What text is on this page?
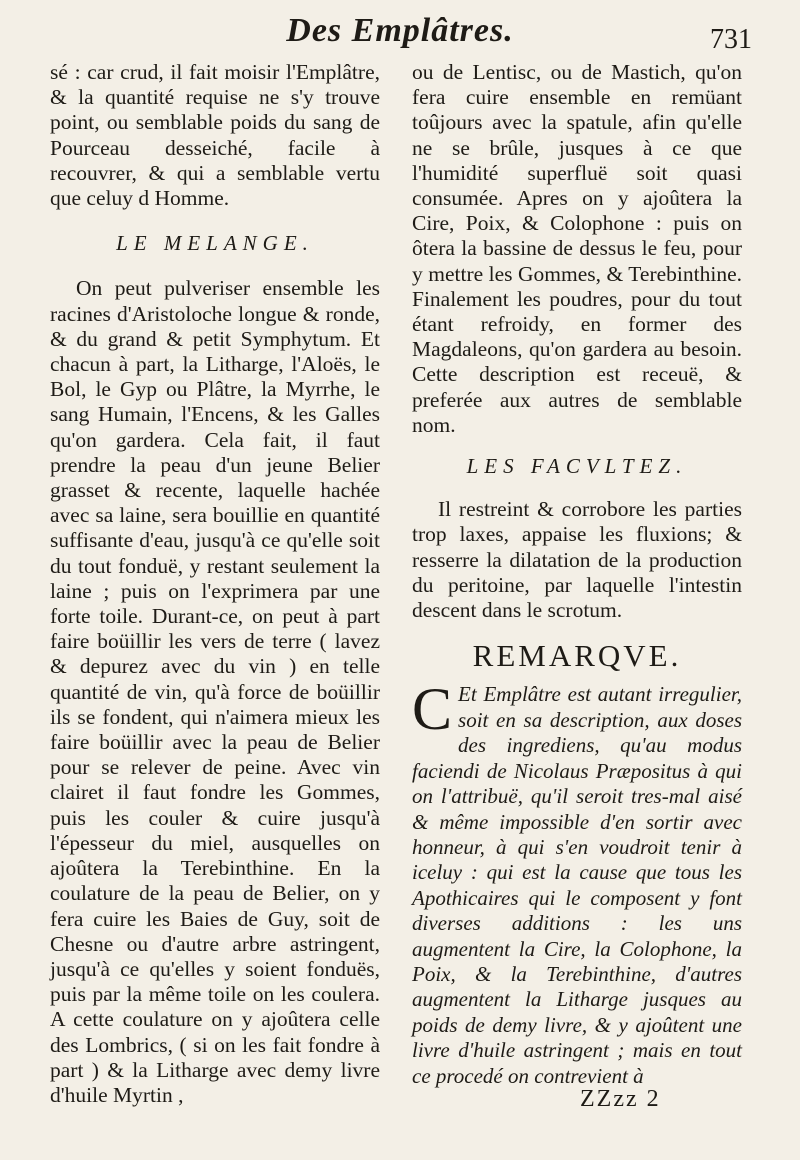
Des Emplâtres.	731

sé : car crud, il fait moisir l'Emplâtre, & la quantité requise ne s'y trouve point, ou semblable poids du sang de Pourceau desseiché, facile à recouvrer, & qui a semblable vertu que celuy d Homme.

LE MELANGE.

On peut pulveriser ensemble les racines d'Aristoloche longue & ronde, & du grand & petit Symphytum. Et chacun à part, la Litharge, l'Aloës, le Bol, le Gyp ou Plâtre, la Myrrhe, le sang Humain, l'Encens, & les Galles qu'on gardera. Cela fait, il faut prendre la peau d'un jeune Belier grasset & recente, laquelle hachée avec sa laine, sera bouillie en quantité suffisante d'eau, jusqu'à ce qu'elle soit du tout fonduë, y restant seulement la laine ; puis on l'exprimera par une forte toile. Durant-ce, on peut à part faire boüillir les vers de terre ( lavez & depurez avec du vin ) en telle quantité de vin, qu'à force de boüillir ils se fondent, qui n'aimera mieux les faire boüillir avec la peau de Belier pour se relever de peine. Avec vin clairet il faut fondre les Gommes, puis les couler & cuire jusqu'à l'épesseur du miel, ausquelles on ajoûtera la Terebinthine. En la coulature de la peau de Belier, on y fera cuire les Baies de Guy, soit de Chesne ou d'autre arbre astringent, jusqu'à ce qu'elles y soient fonduës, puis par la même toile on les coulera. A cette coulature on y ajoûtera celle des Lombrics, ( si on les fait fondre à part ) & la Litharge avec demy livre d'huile Myrtin ,

ou de Lentisc, ou de Mastich, qu'on fera cuire ensemble en remüant toûjours avec la spatule, afin qu'elle ne se brûle, jusques à ce que l'humidité superfluë soit quasi consumée. Apres on y ajoûtera la Cire, Poix, & Colophone : puis on ôtera la bassine de dessus le feu, pour y mettre les Gommes, & Terebinthine. Finalement les poudres, pour du tout étant refroidy, en former des Magdaleons, qu'on gardera au besoin. Cette description est receuë, & preferée aux autres de semblable nom.

LES FACVLTEZ.

Il restreint & corrobore les parties trop laxes, appaise les fluxions; & resserre la dilatation de la production du peritoine, par laquelle l'intestin descent dans le scrotum.

REMARQVE.

C Et Emplâtre est autant irregulier, soit en sa description, aux doses des ingrediens, qu'au modus faciendi de Nicolaus Præpositus à qui on l'attribuë, qu'il seroit tres-mal aisé & même impossible d'en sortir avec honneur, à qui s'en voudroit tenir à iceluy : qui est la cause que tous les Apothicaires qui le composent y font diverses additions : les uns augmentent la Cire, la Colophone, la Poix, & la Terebinthine, d'autres augmentent la Litharge jusques au poids de demy livre, & y ajoûtent une livre d'huile astringent ; mais en tout ce procedé on contrevient à

ZZzz 2
